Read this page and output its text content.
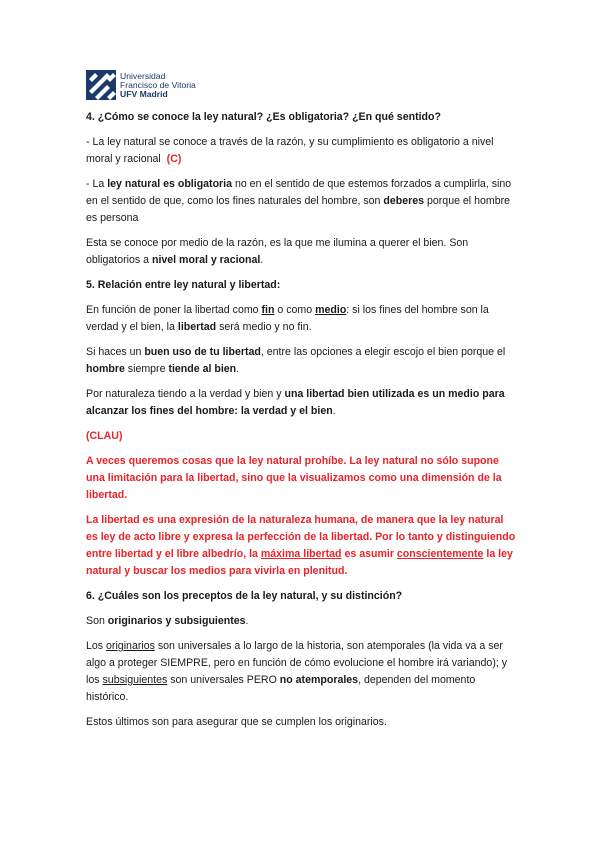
Universidad
Francisco de Vitoria
UFV Madrid
4. ¿Cómo se conoce la ley natural? ¿Es obligatoria? ¿En qué sentido?

- La ley natural se conoce a través de la razón, y su cumplimiento es obligatorio a nivel moral y racional (C)

- La ley natural es obligatoria no en el sentido de que estemos forzados a cumplirla, sino en el sentido de que, como los fines naturales del hombre, son deberes porque el hombre es persona

Esta se conoce por medio de la razón, es la que me ilumina a querer el bien. Son obligatorios a nivel moral y racional.

5. Relación entre ley natural y libertad:

En función de poner la libertad como fin o como medio: si los fines del hombre son la verdad y el bien, la libertad será medio y no fin.

Si haces un buen uso de tu libertad, entre las opciones a elegir escojo el bien porque el hombre siempre tiende al bien.

Por naturaleza tiendo a la verdad y bien y una libertad bien utilizada es un medio para alcanzar los fines del hombre: la verdad y el bien.

(CLAU)

A veces queremos cosas que la ley natural prohíbe. La ley natural no sólo supone una limitación para la libertad, sino que la visualizamos como una dimensión de la libertad.

La libertad es una expresión de la naturaleza humana, de manera que la ley natural es ley de acto libre y expresa la perfección de la libertad. Por lo tanto y distinguiendo entre libertad y el libre albedrío, la máxima libertad es asumir conscientemente la ley natural y buscar los medios para vivirla en plenitud.

6. ¿Cuáles son los preceptos de la ley natural, y su distinción?

Son originarios y subsiguientes.

Los originarios son universales a lo largo de la historia, son atemporales (la vida va a ser algo a proteger SIEMPRE, pero en función de cómo evolucione el hombre irá variando); y los subsiguientes son universales PERO no atemporales, dependen del momento histórico.

Estos últimos son para asegurar que se cumplen los originarios.
